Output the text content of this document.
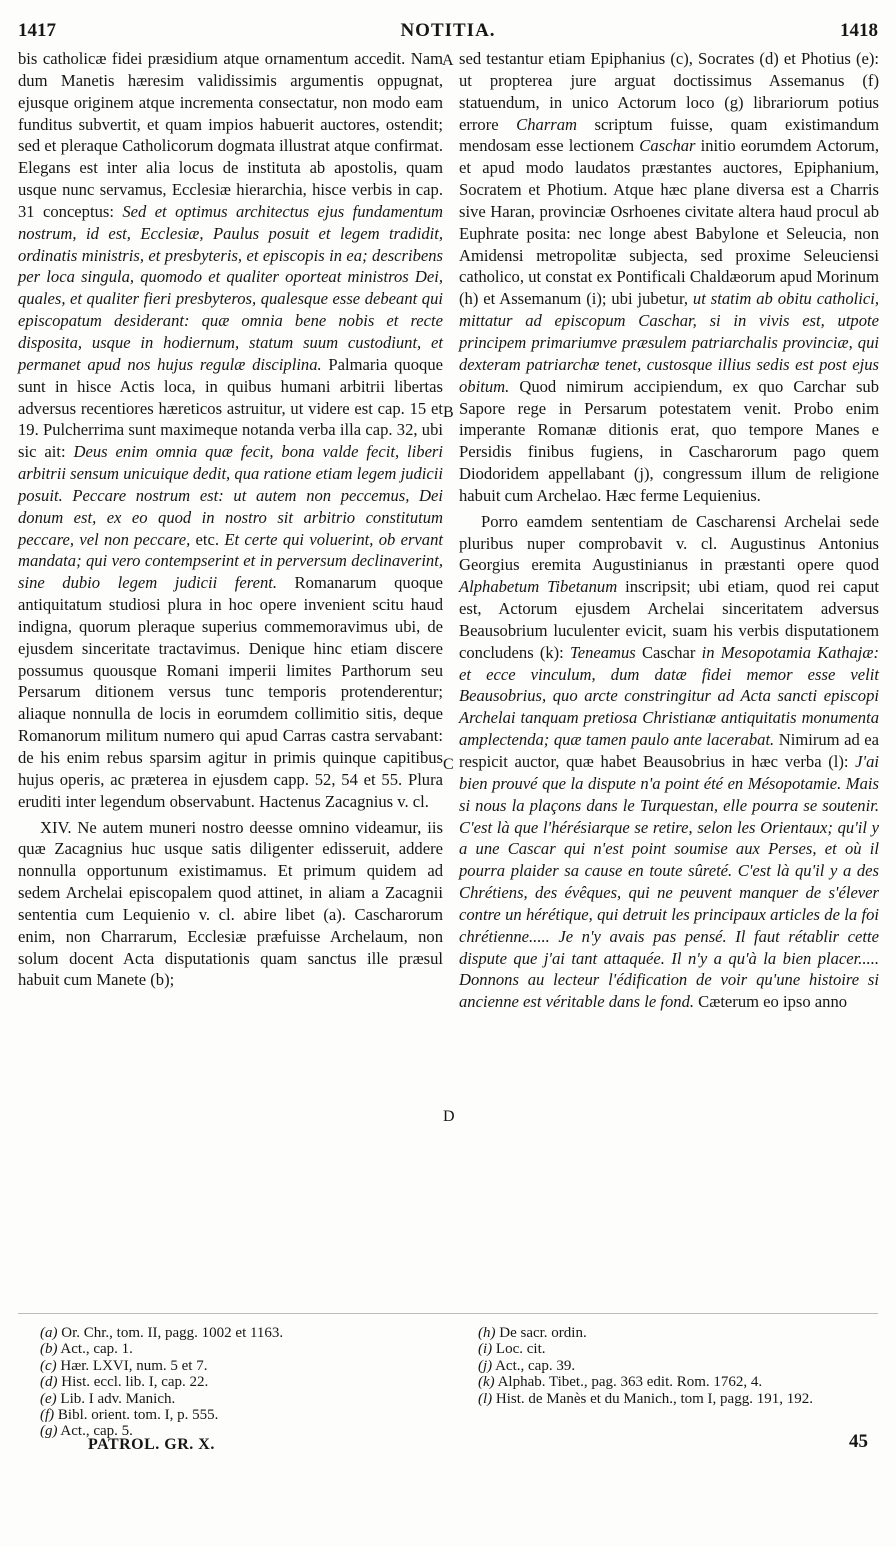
1417	NOTITIA.	1418
A
B
C
D

bis catholicæ fidei præsidium atque ornamentum accedit. Nam dum Manetis hæresim validissimis argumentis oppugnat, ejusque originem atque incrementa consectatur, non modo eam funditus subvertit, et quam impios habuerit auctores, ostendit; sed et pleraque Catholicorum dogmata illustrat atque confirmat. Elegans est inter alia locus de instituta ab apostolis, quam usque nunc servamus, Ecclesiæ hierarchia, hisce verbis in cap. 31 conceptus: Sed et optimus architectus ejus fundamentum nostrum, id est, Ecclesiæ, Paulus posuit et legem tradidit, ordinatis ministris, et presbyteris, et episcopis in ea; describens per loca singula, quomodo et qualiter oporteat ministros Dei, quales, et qualiter fieri presbyteros, qualesque esse debeant qui episcopatum desiderant: quæ omnia bene nobis et recte disposita, usque in hodiernum, statum suum custodiunt, et permanet apud nos hujus regulæ disciplina. Palmaria quoque sunt in hisce Actis loca, in quibus humani arbitrii libertas adversus recentiores hæreticos astruitur, ut videre est cap. 15 et 19. Pulcherrima sunt maximeque notanda verba illa cap. 32, ubi sic ait: Deus enim omnia quæ fecit, bona valde fecit, liberi arbitrii sensum unicuique dedit, qua ratione etiam legem judicii posuit. Peccare nostrum est: ut autem non peccemus, Dei donum est, ex eo quod in nostro sit arbitrio constitutum peccare, vel non peccare, etc. Et certe qui voluerint, ob ervant mandata; qui vero contempserint et in perversum declinaverint, sine dubio legem judicii ferent. Romanarum quoque antiquitatum studiosi plura in hoc opere invenient scitu haud indigna, quorum pleraque superius commemoravimus ubi, de ejusdem sinceritate tractavimus. Denique hinc etiam discere possumus quousque Romani imperii limites Parthorum seu Persarum ditionem versus tunc temporis protenderentur; aliaque nonnulla de locis in eorumdem collimitio sitis, deque Romanorum militum numero qui apud Carras castra servabant: de his enim rebus sparsim agitur in primis quinque capitibus hujus operis, ac præterea in ejusdem capp. 52, 54 et 55. Plura eruditi inter legendum observabunt. Hactenus Zacagnius v. cl.

XIV. Ne autem muneri nostro deesse omnino videamur, iis quæ Zacagnius huc usque satis diligenter edisseruit, addere nonnulla opportunum existimamus. Et primum quidem ad sedem Archelai episcopalem quod attinet, in aliam a Zacagnii sententia cum Lequienio v. cl. abire libet (a). Cascharorum enim, non Charrarum, Ecclesiæ præfuisse Archelaum, non solum docent Acta disputationis quam sanctus ille præsul habuit cum Manete (b);

sed testantur etiam Epiphanius (c), Socrates (d) et Photius (e): ut propterea jure arguat doctissimus Assemanus (f) statuendum, in unico Actorum loco (g) librariorum potius errore Charram scriptum fuisse, quam existimandum mendosam esse lectionem Caschar initio eorumdem Actorum, et apud modo laudatos præstantes auctores, Epiphanium, Socratem et Photium. Atque hæc plane diversa est a Charris sive Haran, provinciæ Osrhoenes civitate altera haud procul ab Euphrate posita: nec longe abest Babylone et Seleucia, non Amidensi metropolitæ subjecta, sed proxime Seleuciensi catholico, ut constat ex Pontificali Chaldæorum apud Morinum (h) et Assemanum (i); ubi jubetur, ut statim ab obitu catholici, mittatur ad episcopum Caschar, si in vivis est, utpote principem primariumve præsulem patriarchalis provinciæ, qui dexteram patriarchæ tenet, custosque illius sedis est post ejus obitum. Quod nimirum accipiendum, ex quo Carchar sub Sapore rege in Persarum potestatem venit. Probo enim imperante Romanæ ditionis erat, quo tempore Manes e Persidis finibus fugiens, in Cascharorum pago quem Diodoridem appellabant (j), congressum illum de religione habuit cum Archelao. Hæc ferme Lequienius.

Porro eamdem sententiam de Cascharensi Archelai sede pluribus nuper comprobavit v. cl. Augustinus Antonius Georgius eremita Augustinianus in præstanti opere quod Alphabetum Tibetanum inscripsit; ubi etiam, quod rei caput est, Actorum ejusdem Archelai sinceritatem adversus Beausobrium luculenter evicit, suam his verbis disputationem concludens (k): Teneamus Caschar in Mesopotamia Kathajæ: et ecce vinculum, dum datæ fidei memor esse velit Beausobrius, quo arcte constringitur ad Acta sancti episcopi Archelai tanquam pretiosa Christianæ antiquitatis monumenta amplectenda; quæ tamen paulo ante lacerabat. Nimirum ad ea respicit auctor, quæ habet Beausobrius in hæc verba (l): J'ai bien prouvé que la dispute n'a point été en Mésopotamie. Mais si nous la plaçons dans le Turquestan, elle pourra se soutenir. C'est là que l'hérésiarque se retire, selon les Orientaux; qu'il y a une Cascar qui n'est point soumise aux Perses, et où il pourra plaider sa cause en toute sûreté. C'est là qu'il y a des Chrétiens, des évêques, qui ne peuvent manquer de s'élever contre un hérétique, qui detruit les principaux articles de la foi chrétienne..... Je n'y avais pas pensé. Il faut rétablir cette dispute que j'ai tant attaquée. Il n'y a qu'à la bien placer..... Donnons au lecteur l'édification de voir qu'une histoire si ancienne est véritable dans le fond. Cæterum eo ipso anno

(a) Or. Chr., tom. II, pagg. 1002 et 1163.
(b) Act., cap. 1.
(c) Hær. LXVI, num. 5 et 7.
(d) Hist. eccl. lib. I, cap. 22.
(e) Lib. I adv. Manich.
(f) Bibl. orient. tom. I, p. 555.
(g) Act., cap. 5.
(h) De sacr. ordin.
(i) Loc. cit.
(j) Act., cap. 39.
(k) Alphab. Tibet., pag. 363 edit. Rom. 1762, 4.
(l) Hist. de Manès et du Manich., tom I, pagg. 191, 192.
PATROL. GR. X.	45
